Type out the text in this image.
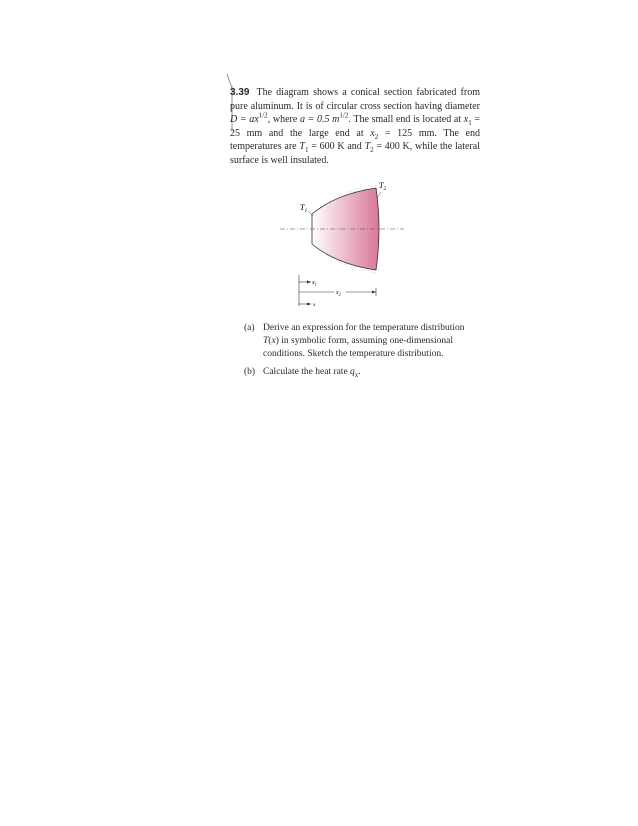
3.39 The diagram shows a conical section fabricated from pure aluminum. It is of circular cross section having diameter $D = ax^{1/2}$, where a = 0.5 $m^{1/2}$. The small end is located at $x_1 = 25$ mm and the large end at $x_2 = 125$ mm. The end temperatures are $T_1 = 600$ K and $T_2 = 400$ K, while the lateral surface is well insulated.
$T_1$
$T_2$
$x_1$
$x_2$
x
(a) Derive an expression for the temperature distribution T(x) in symbolic form, assuming one-dimensional conditions. Sketch the temperature distribution.
(b) Calculate the heat rate $q_x$.
